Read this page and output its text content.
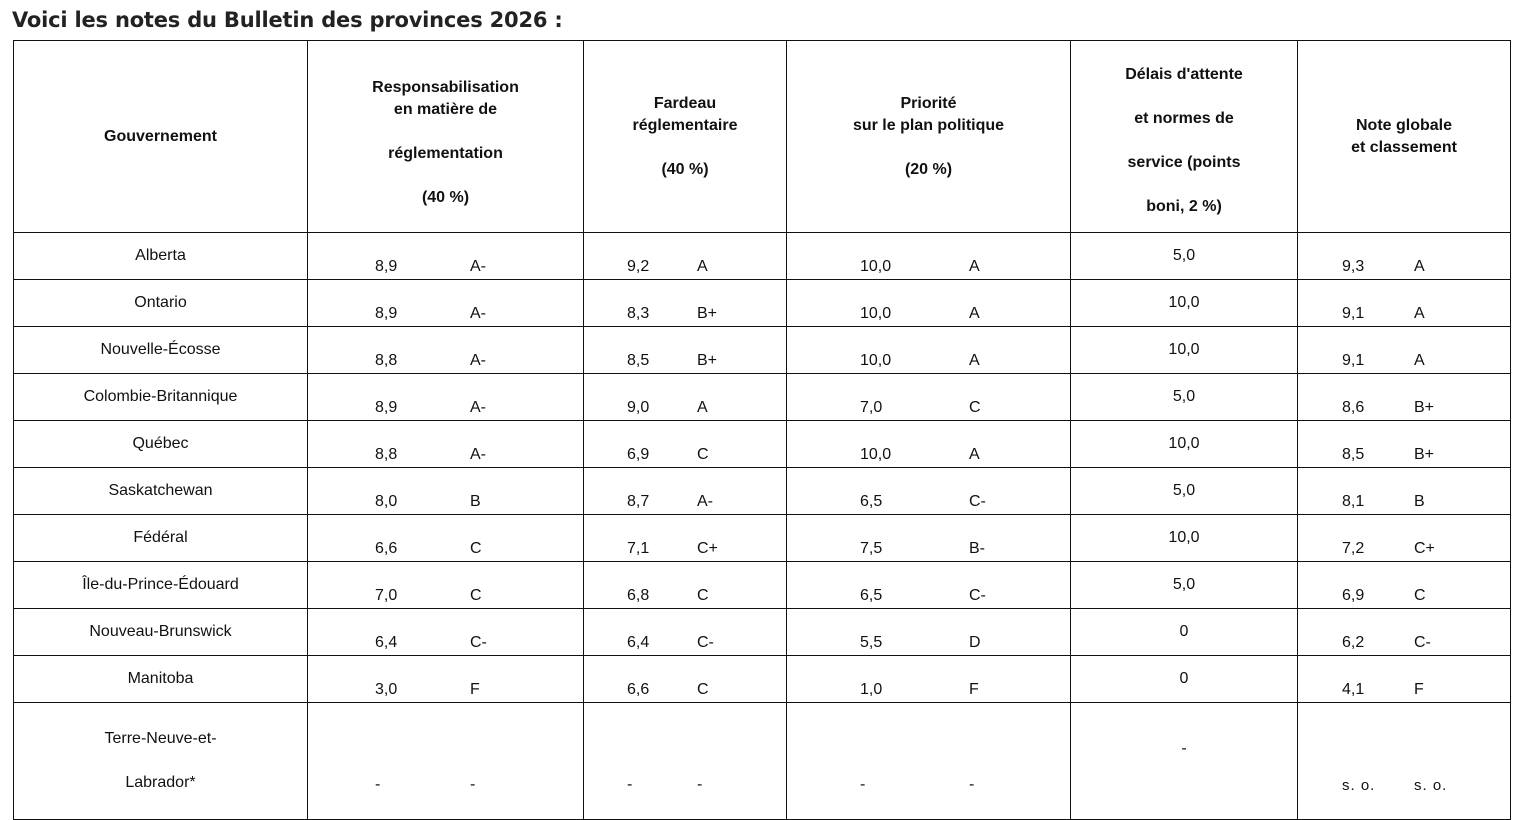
Voici les notes du Bulletin des provinces 2026 :
Gouvernement	Responsabilisation
en matière de
réglementation
(40 %)	Fardeau
réglementaire
(40 %)	Priorité
sur le plan politique
(20 %)	Délais d'attente
et normes de
service (points
boni, 2 %)	Note globale
et classement

Alberta	8,9 A-	9,2 A	10,0 A	5,0	9,3 A

Ontario	8,9 A-	8,3 B+	10,0 A	10,0	9,1 A

Nouvelle-Écosse	8,8 A-	8,5 B+	10,0 A	10,0	9,1 A

Colombie-Britannique	8,9 A-	9,0 A	7,0 C	5,0	8,6 B+

Québec	8,8 A-	6,9 C	10,0 A	10,0	8,5 B+

Saskatchewan	8,0 B	8,7 A-	6,5 C-	5,0	8,1 B

Fédéral	6,6 C	7,1 C+	7,5 B-	10,0	7,2 C+

Île-du-Prince-Édouard	7,0 C	6,8 C	6,5 C-	5,0	6,9 C

Nouveau-Brunswick	6,4 C-	6,4 C-	5,5 D	0	6,2 C-

Manitoba	3,0 F	6,6 C	1,0 F	0	4,1 F

Terre-Neuve-et-
Labrador*	- -	- -	- -	-	s. o. s. o.
